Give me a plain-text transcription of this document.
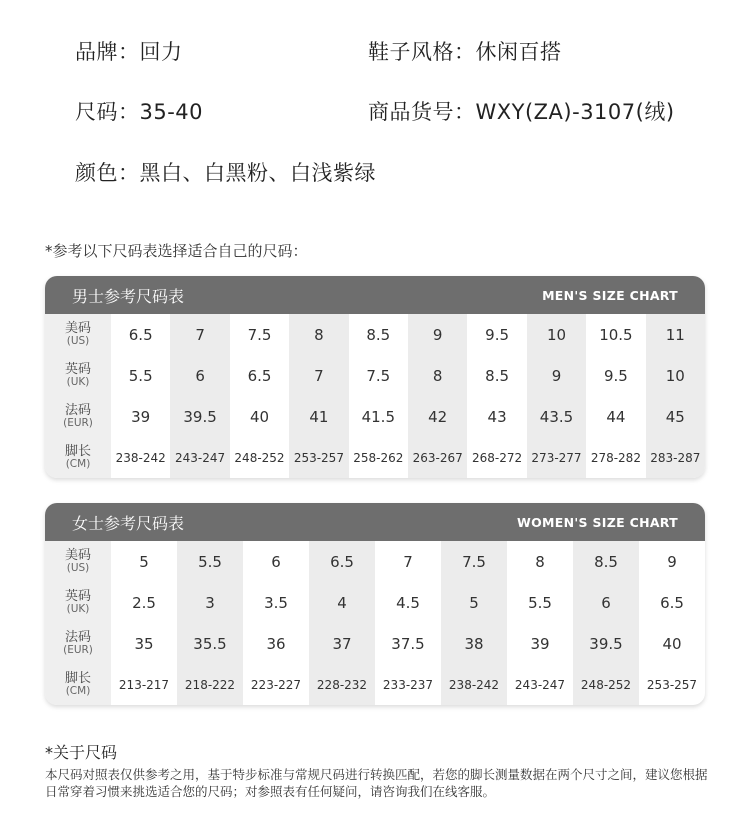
品牌：回力	鞋子风格：休闲百搭
尺码：35-40	商品货号：WXY(ZA)-3107(绒)
颜色：黑白、白黑粉、白浅紫绿
*参考以下尺码表选择适合自己的尺码：
男士参考尺码表	MEN'S SIZE CHART
美码
(US)	6.5	7	7.5	8	8.5	9	9.5	10	10.5	11
英码
(UK)	5.5	6	6.5	7	7.5	8	8.5	9	9.5	10
法码
(EUR)	39	39.5	40	41	41.5	42	43	43.5	44	45
脚长
(CM)	238-242 243-247 248-252 253-257 258-262 263-267 268-272 273-277 278-282 283-287
女士参考尺码表	WOMEN'S SIZE CHART
美码
(US)	5	5.5	6	6.5	7	7.5	8	8.5	9
英码
(UK)	2.5	3	3.5	4	4.5	5	5.5	6	6.5
法码
(EUR)	35	35.5	36	37	37.5	38	39	39.5	40
脚长
(CM)	213-217	218-222	223-227	228-232	233-237	238-242	243-247	248-252	253-257
*关于尺码
本尺码对照表仅供参考之用，基于特步标准与常规尺码进行转换匹配，若您的脚长测量数据在两个尺寸之间，建议您根据日常穿着习惯来挑选适合您的尺码；对参照表有任何疑问，请咨询我们在线客服。
